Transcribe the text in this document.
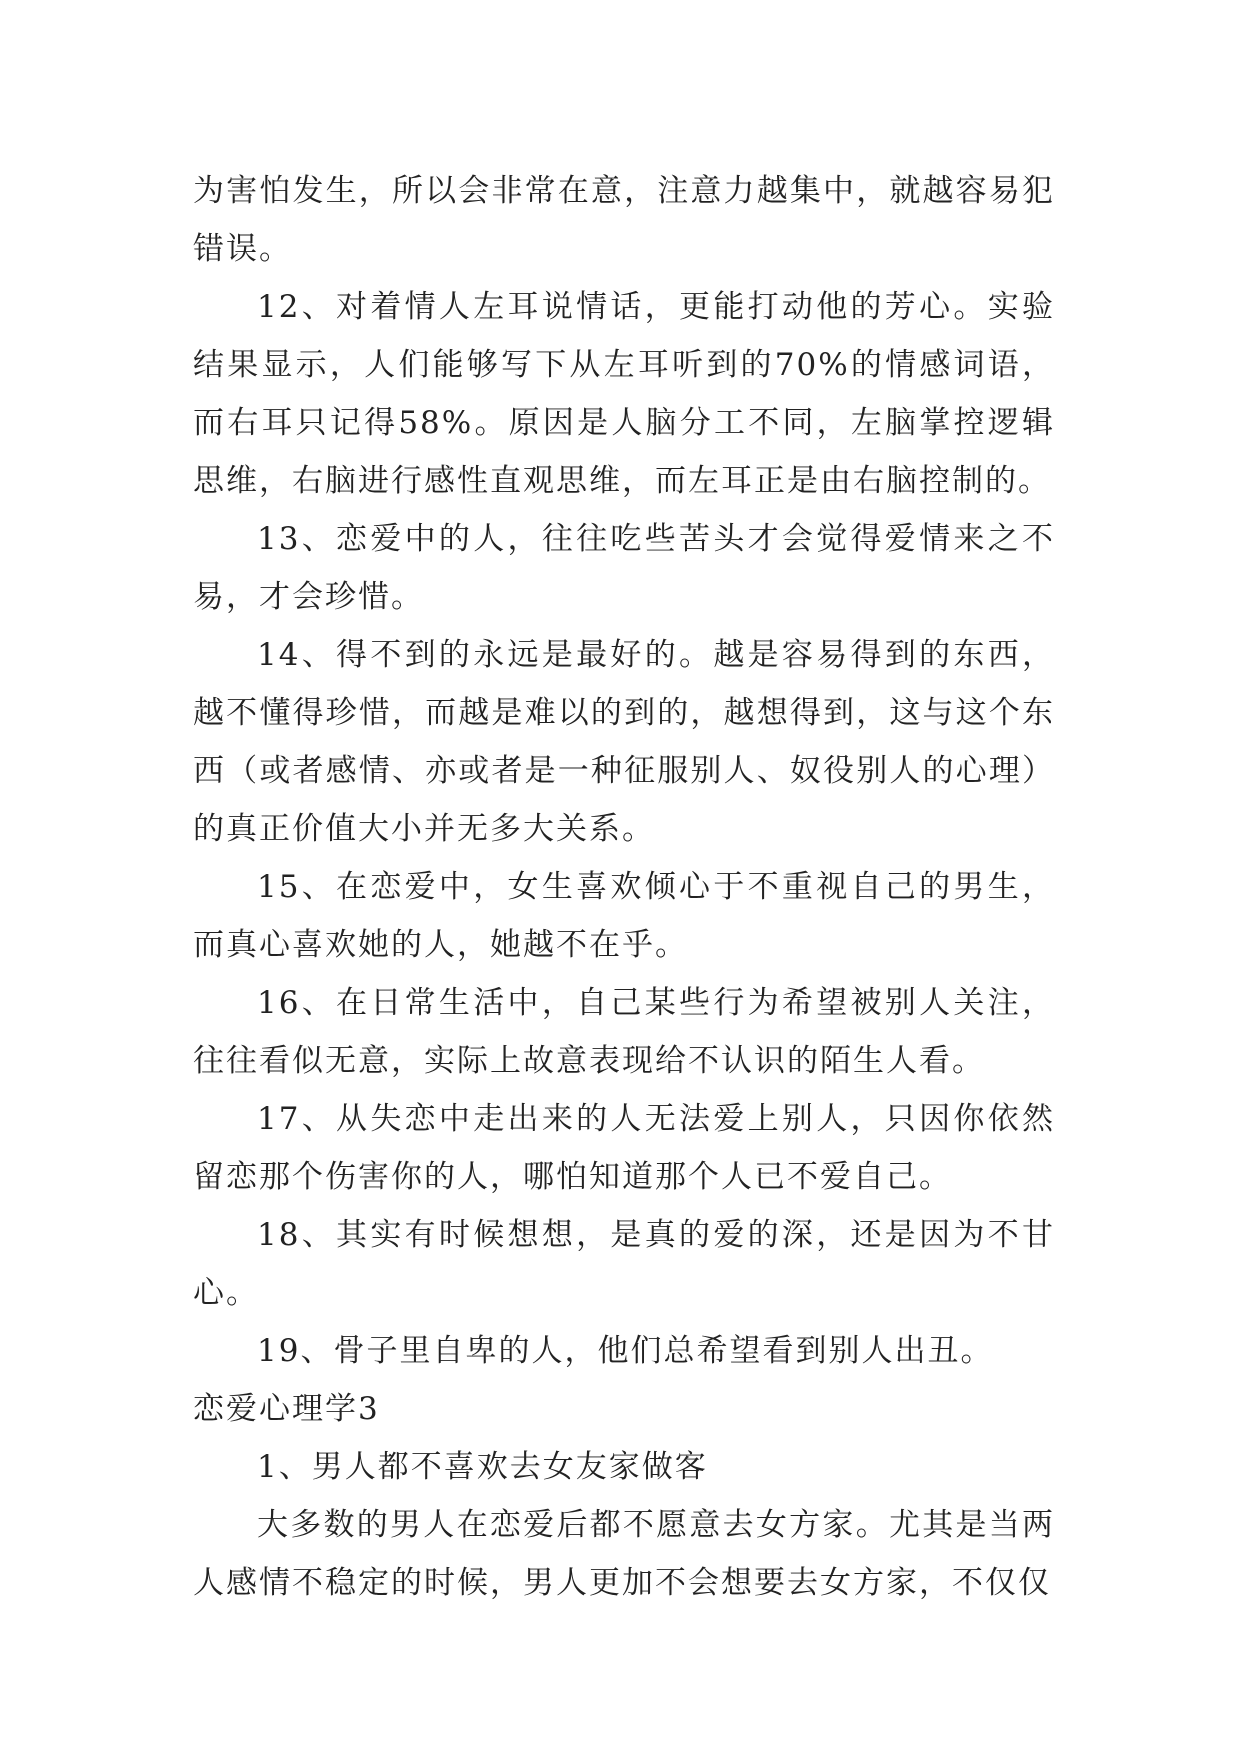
为害怕发生，所以会非常在意，注意力越集中，就越容易犯错误。

12、对着情人左耳说情话，更能打动他的芳心。实验结果显示，人们能够写下从左耳听到的70%的情感词语，而右耳只记得58%。原因是人脑分工不同，左脑掌控逻辑思维，右脑进行感性直观思维，而左耳正是由右脑控制的。

13、恋爱中的人，往往吃些苦头才会觉得爱情来之不易，才会珍惜。

14、得不到的永远是最好的。越是容易得到的东西，越不懂得珍惜，而越是难以的到的，越想得到，这与这个东西（或者感情、亦或者是一种征服别人、奴役别人的心理）的真正价值大小并无多大关系。

15、在恋爱中，女生喜欢倾心于不重视自己的男生，而真心喜欢她的人，她越不在乎。

16、在日常生活中，自己某些行为希望被别人关注，往往看似无意，实际上故意表现给不认识的陌生人看。

17、从失恋中走出来的人无法爱上别人，只因你依然留恋那个伤害你的人，哪怕知道那个人已不爱自己。

18、其实有时候想想，是真的爱的深，还是因为不甘心。

19、骨子里自卑的人，他们总希望看到别人出丑。

恋爱心理学3

1、男人都不喜欢去女友家做客

大多数的男人在恋爱后都不愿意去女方家。尤其是当两人感情不稳定的时候，男人更加不会想要去女方家，不仅仅
